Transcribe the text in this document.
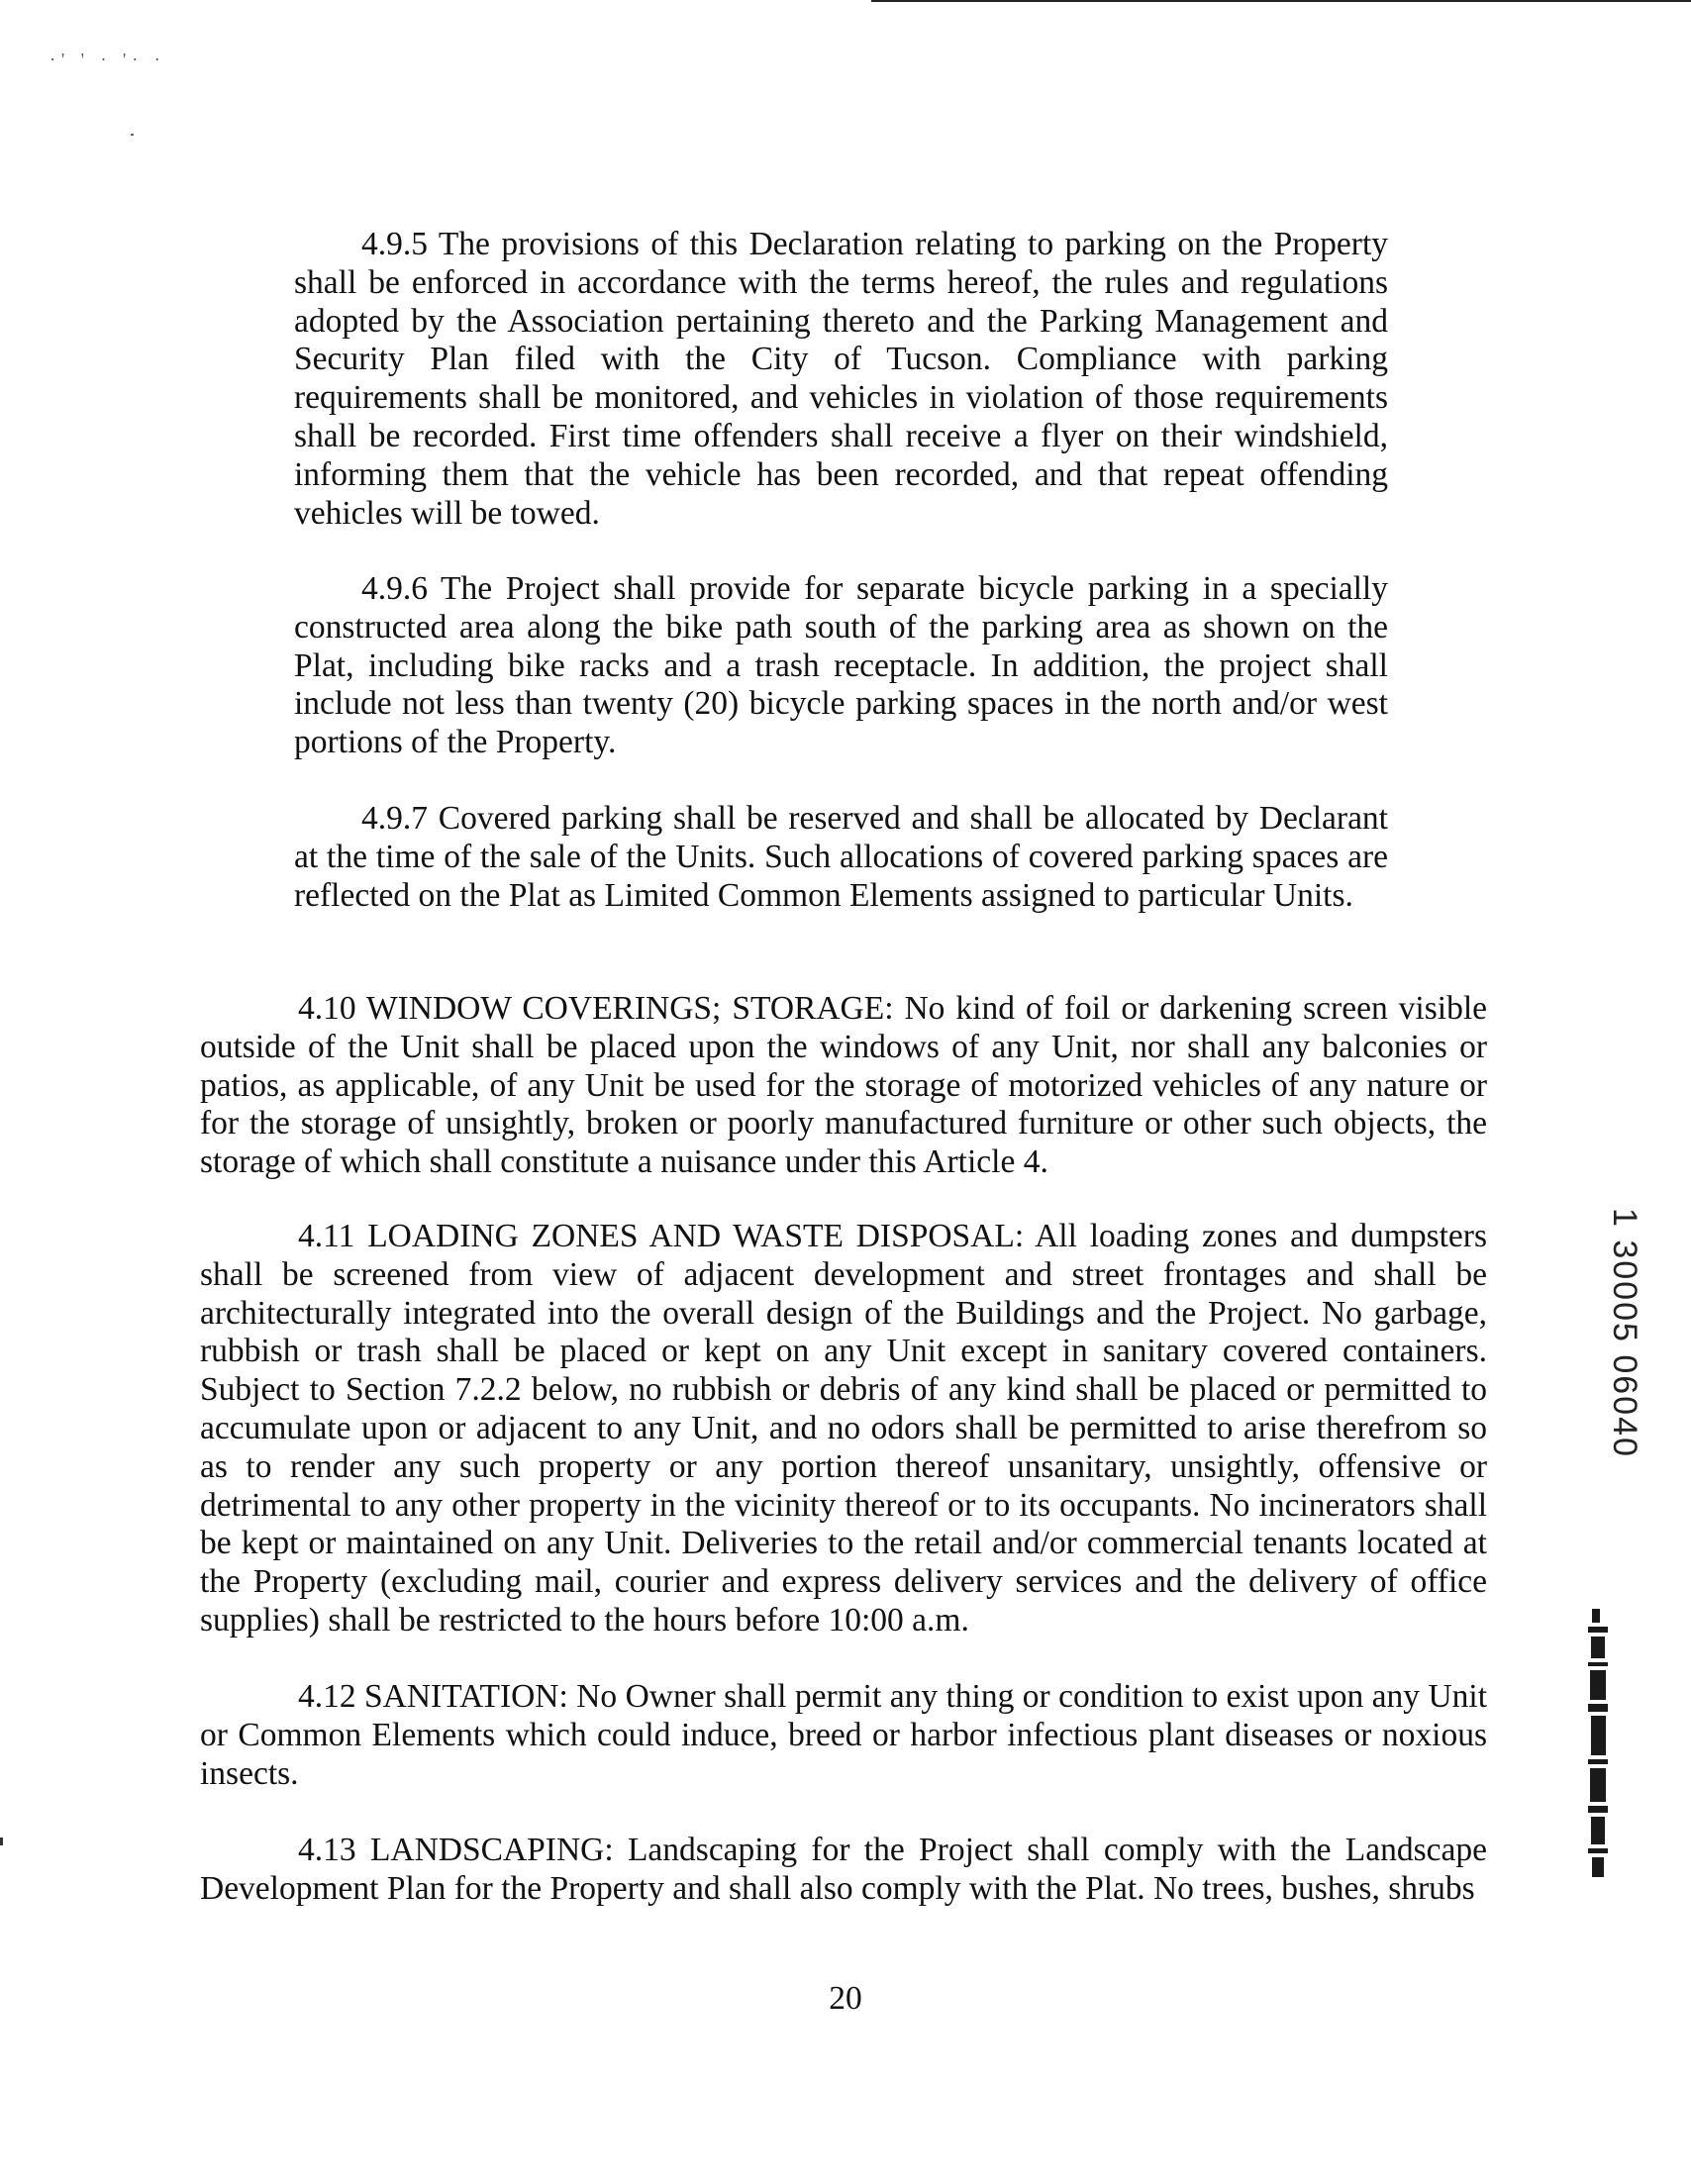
·' ' · '· ·

4.9.5 The provisions of this Declaration relating to parking on the Property shall be enforced in accordance with the terms hereof, the rules and regulations adopted by the Association pertaining thereto and the Parking Management and Security Plan filed with the City of Tucson. Compliance with parking requirements shall be monitored, and vehicles in violation of those requirements shall be recorded. First time offenders shall receive a flyer on their windshield, informing them that the vehicle has been recorded, and that repeat offending vehicles will be towed.

4.9.6 The Project shall provide for separate bicycle parking in a specially constructed area along the bike path south of the parking area as shown on the Plat, including bike racks and a trash receptacle. In addition, the project shall include not less than twenty (20) bicycle parking spaces in the north and/or west portions of the Property.

4.9.7 Covered parking shall be reserved and shall be allocated by Declarant at the time of the sale of the Units. Such allocations of covered parking spaces are reflected on the Plat as Limited Common Elements assigned to particular Units.

4.10 WINDOW COVERINGS; STORAGE: No kind of foil or darkening screen visible outside of the Unit shall be placed upon the windows of any Unit, nor shall any balconies or patios, as applicable, of any Unit be used for the storage of motorized vehicles of any nature or for the storage of unsightly, broken or poorly manufactured furniture or other such objects, the storage of which shall constitute a nuisance under this Article 4.

4.11 LOADING ZONES AND WASTE DISPOSAL: All loading zones and dumpsters shall be screened from view of adjacent development and street frontages and shall be architecturally integrated into the overall design of the Buildings and the Project. No garbage, rubbish or trash shall be placed or kept on any Unit except in sanitary covered containers. Subject to Section 7.2.2 below, no rubbish or debris of any kind shall be placed or permitted to accumulate upon or adjacent to any Unit, and no odors shall be permitted to arise therefrom so as to render any such property or any portion thereof unsanitary, unsightly, offensive or detrimental to any other property in the vicinity thereof or to its occupants. No incinerators shall be kept or maintained on any Unit. Deliveries to the retail and/or commercial tenants located at the Property (excluding mail, courier and express delivery services and the delivery of office supplies) shall be restricted to the hours before 10:00 a.m.

4.12 SANITATION: No Owner shall permit any thing or condition to exist upon any Unit or Common Elements which could induce, breed or harbor infectious plant diseases or noxious insects.

4.13 LANDSCAPING: Landscaping for the Project shall comply with the Landscape Development Plan for the Property and shall also comply with the Plat. No trees, bushes, shrubs

20
1 30005 06040
